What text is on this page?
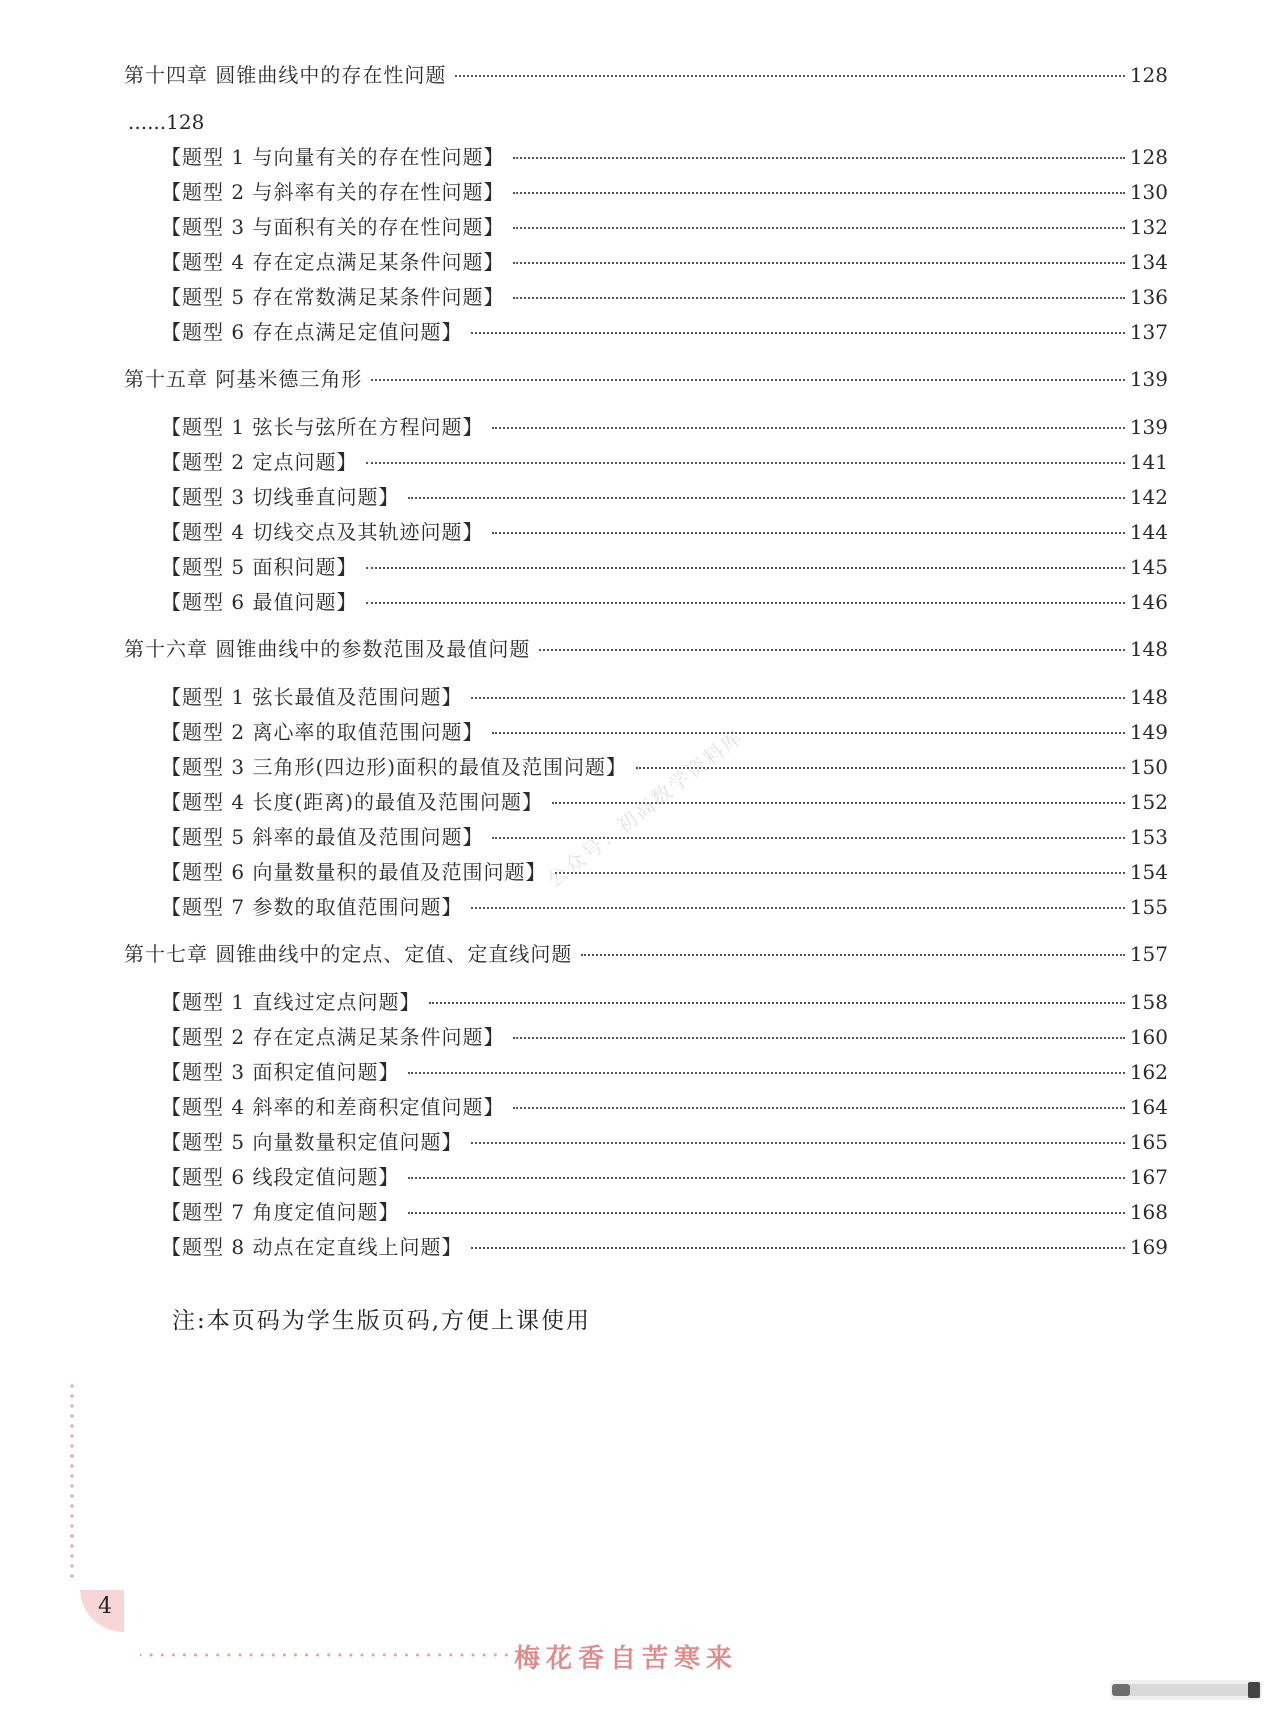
第十四章 圆锥曲线中的存在性问题	128
......128
【题型 1 与向量有关的存在性问题】	128
【题型 2 与斜率有关的存在性问题】	130
【题型 3 与面积有关的存在性问题】	132
【题型 4 存在定点满足某条件问题】	134
【题型 5 存在常数满足某条件问题】	136
【题型 6 存在点满足定值问题】	137
第十五章 阿基米德三角形	139
【题型 1 弦长与弦所在方程问题】	139
【题型 2 定点问题】	141
【题型 3 切线垂直问题】	142
【题型 4 切线交点及其轨迹问题】	144
【题型 5 面积问题】	145
【题型 6 最值问题】	146
第十六章 圆锥曲线中的参数范围及最值问题	148
【题型 1 弦长最值及范围问题】	148
【题型 2 离心率的取值范围问题】	149
【题型 3 三角形(四边形)面积的最值及范围问题】	150
【题型 4 长度(距离)的最值及范围问题】	152
【题型 5 斜率的最值及范围问题】	153
【题型 6 向量数量积的最值及范围问题】	154
【题型 7 参数的取值范围问题】	155
第十七章 圆锥曲线中的定点、定值、定直线问题	157
【题型 1 直线过定点问题】	158
【题型 2 存在定点满足某条件问题】	160
【题型 3 面积定值问题】	162
【题型 4 斜率的和差商积定值问题】	164
【题型 5 向量数量积定值问题】	165
【题型 6 线段定值问题】	167
【题型 7 角度定值问题】	168
【题型 8 动点在定直线上问题】	169
注:本页码为学生版页码,方便上课使用
公众号：初高数学资料库
4
梅花香自苦寒来
